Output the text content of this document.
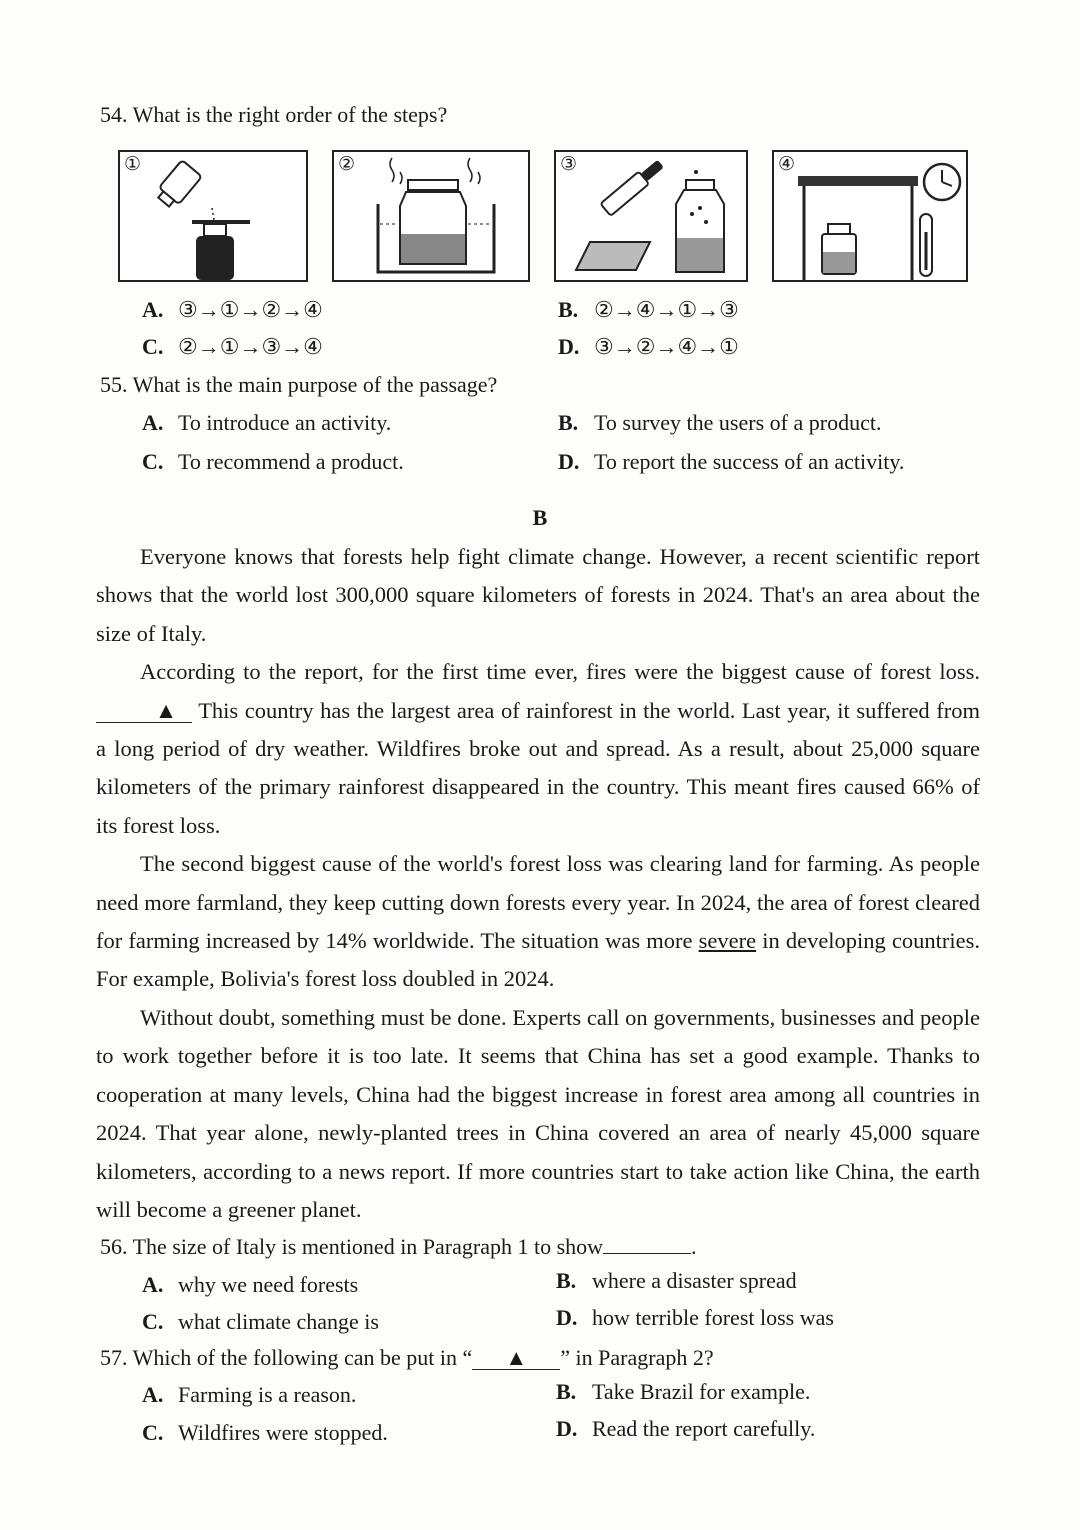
54. What is the right order of the steps?
①	②	③	④
A. ③→①→②→④	B. ②→④→①→③
C. ②→①→③→④	D. ③→②→④→①
55. What is the main purpose of the passage?
A. To introduce an activity.	B. To survey the users of a product.
C. To recommend a product.	D. To report the success of an activity.
B

Everyone knows that forests help fight climate change. However, a recent scientific report shows that the world lost 300,000 square kilometers of forests in 2024. That's an area about the size of Italy.

According to the report, for the first time ever, fires were the biggest cause of forest loss. ▲ This country has the largest area of rainforest in the world. Last year, it suffered from a long period of dry weather. Wildfires broke out and spread. As a result, about 25,000 square kilometers of the primary rainforest disappeared in the country. This meant fires caused 66% of its forest loss.

The second biggest cause of the world's forest loss was clearing land for farming. As people need more farmland, they keep cutting down forests every year. In 2024, the area of forest cleared for farming increased by 14% worldwide. The situation was more severe in developing countries. For example, Bolivia's forest loss doubled in 2024.

Without doubt, something must be done. Experts call on governments, businesses and people to work together before it is too late. It seems that China has set a good example. Thanks to cooperation at many levels, China had the biggest increase in forest area among all countries in 2024. That year alone, newly-planted trees in China covered an area of nearly 45,000 square kilometers, according to a news report. If more countries start to take action like China, the earth will become a greener planet.

56. The size of Italy is mentioned in Paragraph 1 to show	.
A. why we need forests	B. where a disaster spread
C. what climate change is	D. how terrible forest loss was
57. Which of the following can be put in “ ▲ ” in Paragraph 2?
A. Farming is a reason.	B. Take Brazil for example.
C. Wildfires were stopped.	D. Read the report carefully.
